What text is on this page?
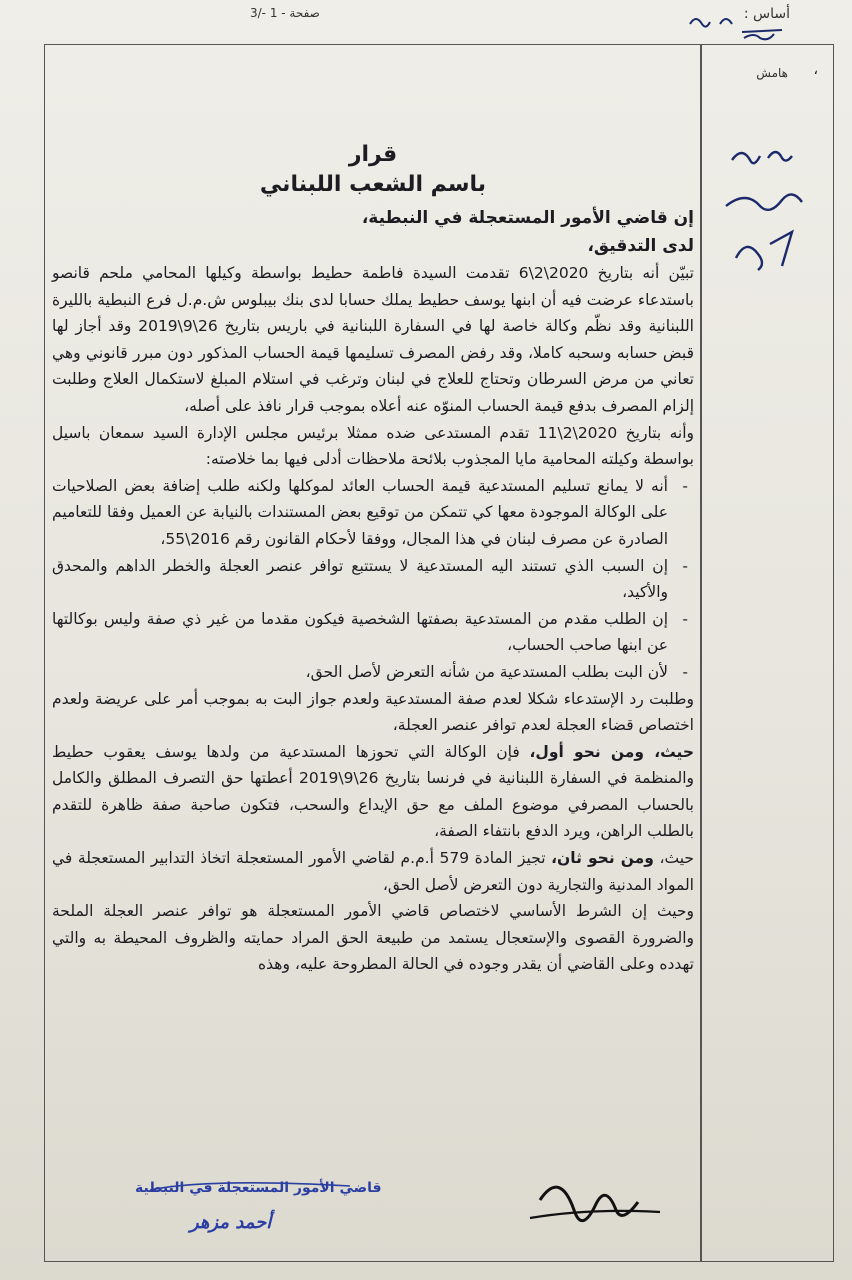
صفحة - 1 -/3	أساس :
هامش ،

قرار

باسم الشعب اللبناني

إن قاضي الأمور المستعجلة في النبطية،

لدى التدقيق،

تبيّن أنه بتاريخ 2020\2\6 تقدمت السيدة فاطمة حطيط بواسطة وكيلها المحامي ملحم قانصو باستدعاء عرضت فيه أن ابنها يوسف حطيط يملك حسابا لدى بنك بيبلوس ش.م.ل فرع النبطية بالليرة اللبنانية وقد نظّم وكالة خاصة لها في السفارة اللبنانية في باريس بتاريخ 26\9\2019 وقد أجاز لها قبض حسابه وسحبه كاملا، وقد رفض المصرف تسليمها قيمة الحساب المذكور دون مبرر قانوني وهي تعاني من مرض السرطان وتحتاج للعلاج في لبنان وترغب في استلام المبلغ لاستكمال العلاج وطلبت إلزام المصرف بدفع قيمة الحساب المنوّه عنه أعلاه بموجب قرار نافذ على أصله،

وأنه بتاريخ 2020\2\11 تقدم المستدعى ضده ممثلا برئيس مجلس الإدارة السيد سمعان باسيل بواسطة وكيلته المحامية مايا المجذوب بلائحة ملاحظات أدلى فيها بما خلاصته:

- أنه لا يمانع تسليم المستدعية قيمة الحساب العائد لموكلها ولكنه طلب إضافة بعض الصلاحيات على الوكالة الموجودة معها كي تتمكن من توقيع بعض المستندات بالنيابة عن العميل وفقا للتعاميم الصادرة عن مصرف لبنان في هذا المجال، ووفقا لأحكام القانون رقم 2016\55،

- إن السبب الذي تستند اليه المستدعية لا يستتبع توافر عنصر العجلة والخطر الداهم والمحدق والأكيد،

- إن الطلب مقدم من المستدعية بصفتها الشخصية فيكون مقدما من غير ذي صفة وليس بوكالتها عن ابنها صاحب الحساب،

- لأن البت بطلب المستدعية من شأنه التعرض لأصل الحق،

وطلبت رد الإستدعاء شكلا لعدم صفة المستدعية ولعدم جواز البت به بموجب أمر على عريضة ولعدم اختصاص قضاء العجلة لعدم توافر عنصر العجلة،

حيث، ومن نحو أول، فإن الوكالة التي تحوزها المستدعية من ولدها يوسف يعقوب حطيط والمنظمة في السفارة اللبنانية في فرنسا بتاريخ 26\9\2019 أعطتها حق التصرف المطلق والكامل بالحساب المصرفي موضوع الملف مع حق الإيداع والسحب، فتكون صاحبة صفة ظاهرة للتقدم بالطلب الراهن، ويرد الدفع بانتفاء الصفة،

حيث، ومن نحو ثان، تجيز المادة 579 أ.م.م لقاضي الأمور المستعجلة اتخاذ التدابير المستعجلة في المواد المدنية والتجارية دون التعرض لأصل الحق،

وحيث إن الشرط الأساسي لاختصاص قاضي الأمور المستعجلة هو توافر عنصر العجلة الملحة والضرورة القصوى والإستعجال يستمد من طبيعة الحق المراد حمايته والظروف المحيطة به والتي تهدده وعلى القاضي أن يقدر وجوده في الحالة المطروحة عليه، وهذه

قاضي الأمور المستعجلة في النبطية
أحمد مزهر
